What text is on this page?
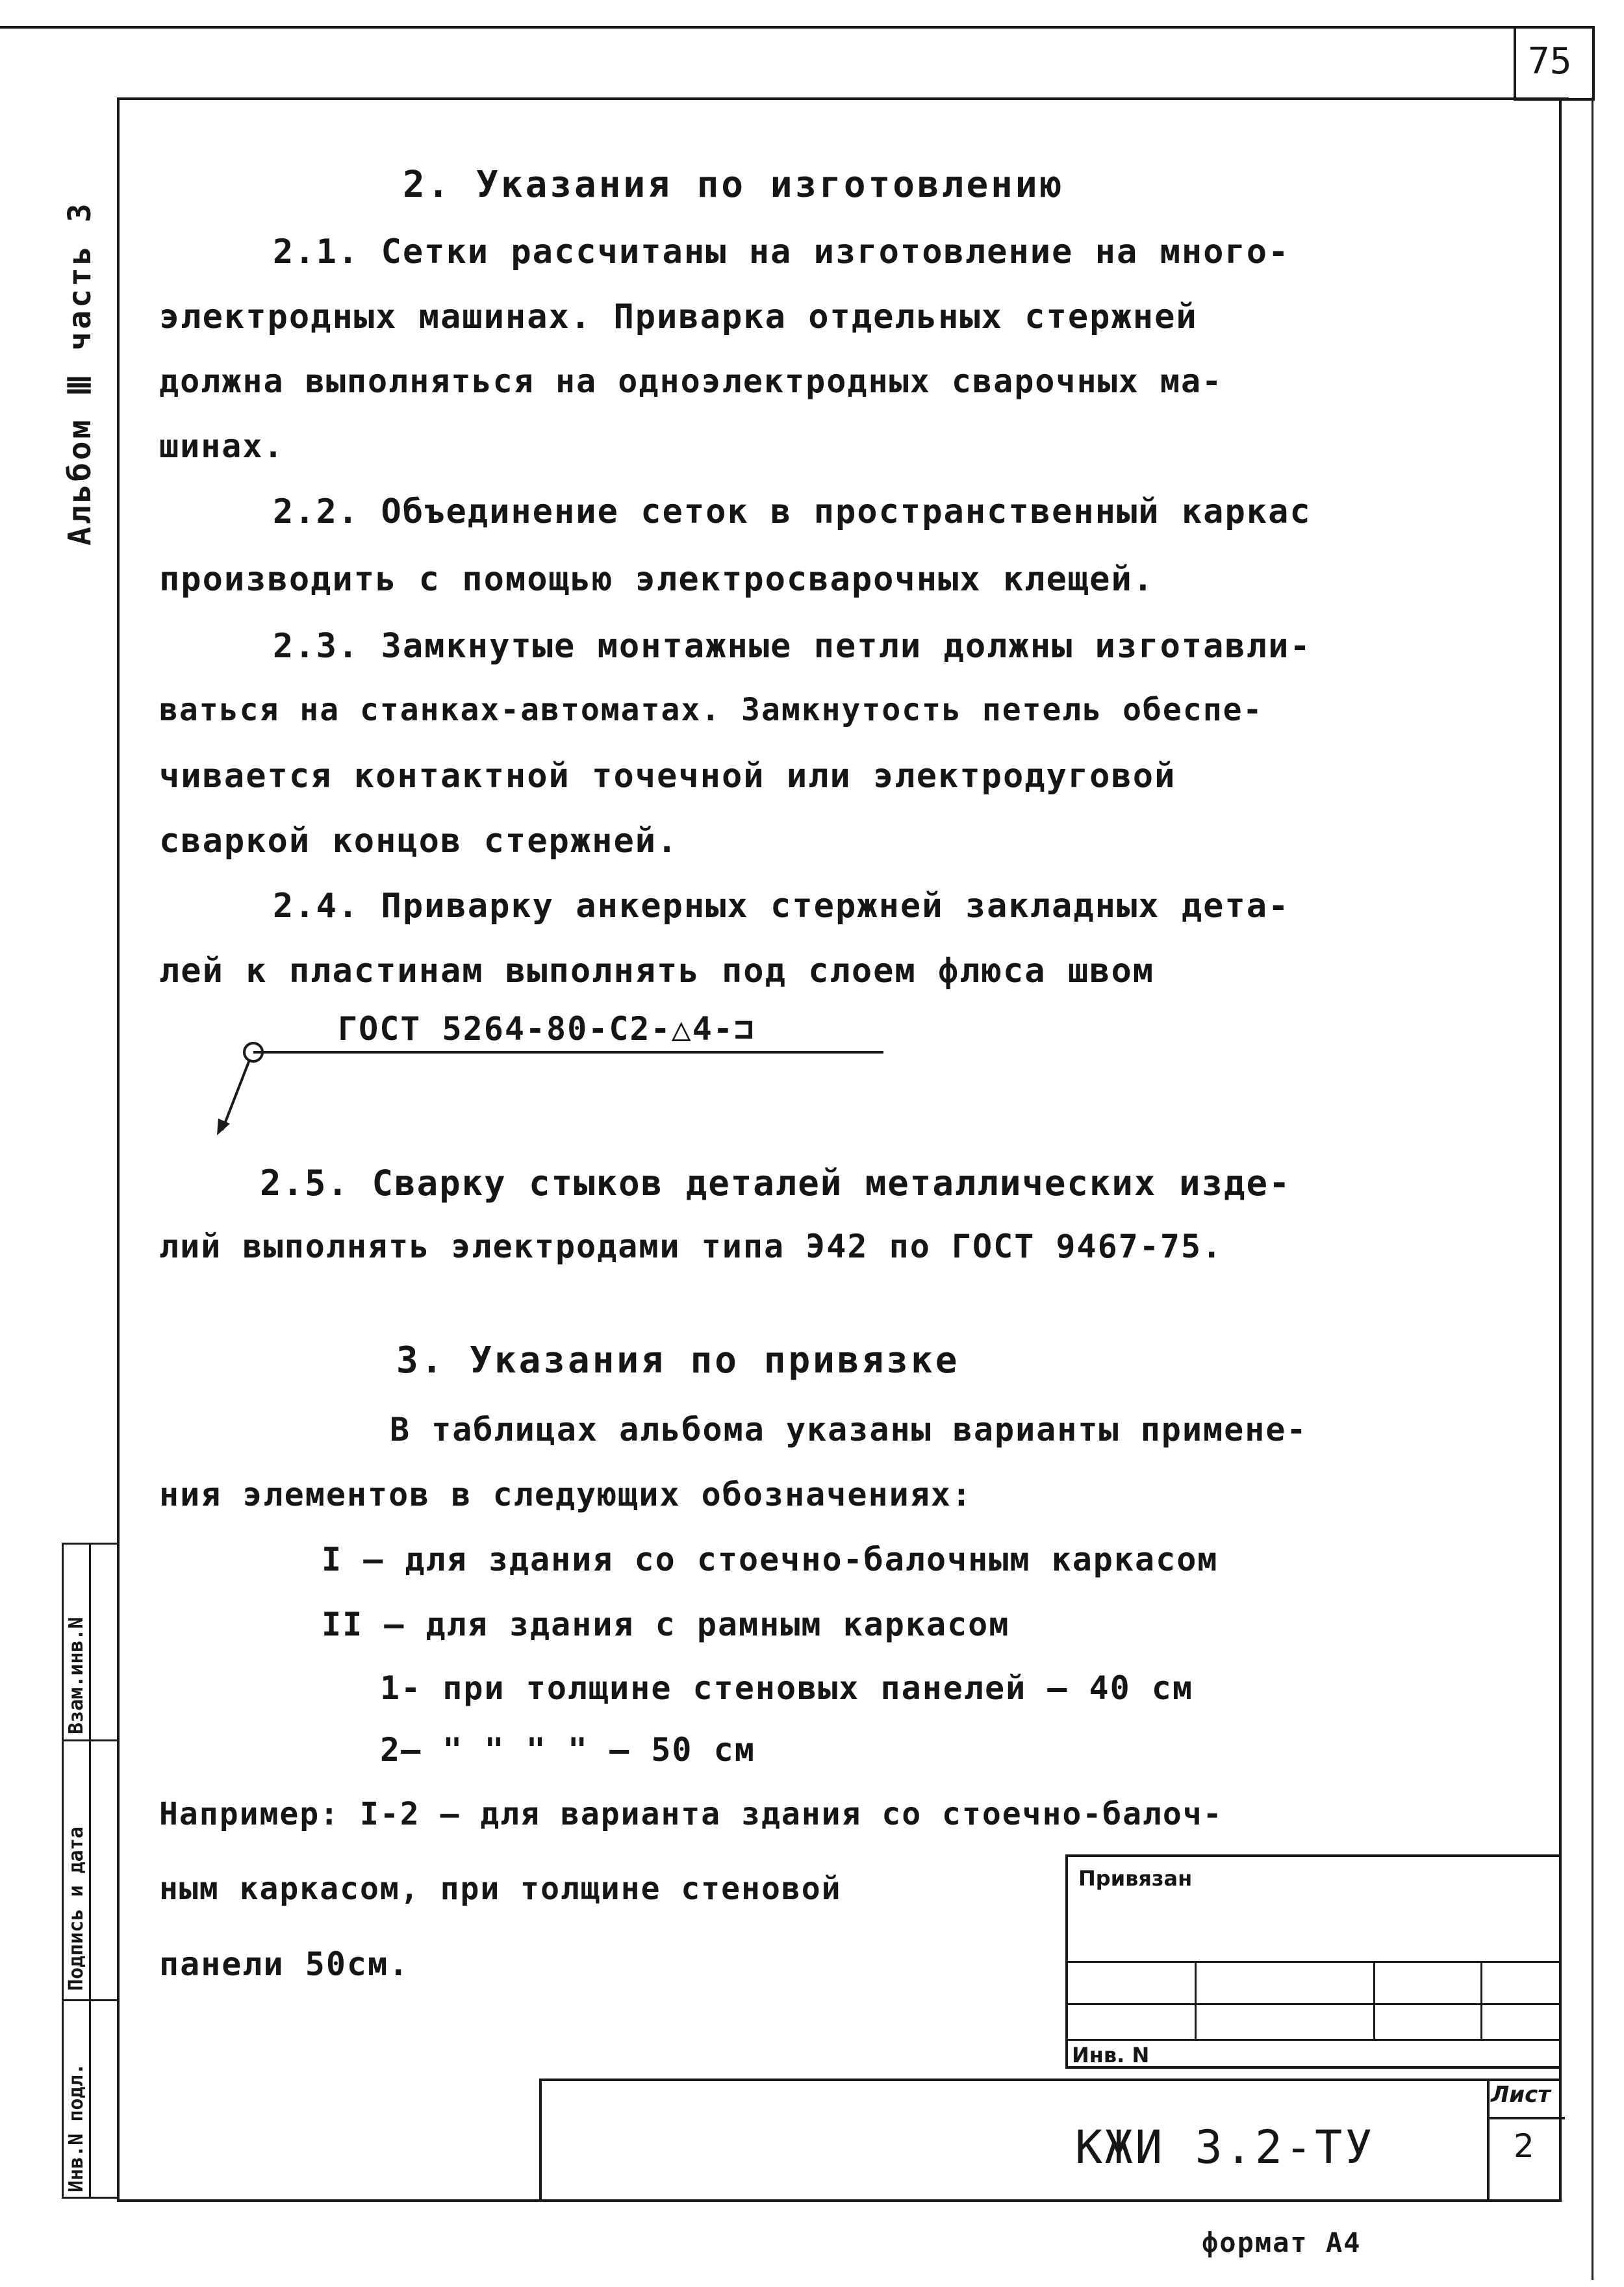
75
Альбом Ⅲ часть 3
2. Указания по изготовлению
2.1. Сетки рассчитаны на изготовление на много-
электродных машинах. Приварка отдельных стержней
должна выполняться на одноэлектродных сварочных ма-
шинах.
2.2. Объединение сеток в пространственный каркас
производить с помощью электросварочных клещей.
2.3. Замкнутые монтажные петли должны изготавли-
ваться на станках-автоматах. Замкнутость петель обеспе-
чивается контактной точечной или электродуговой
сваркой концов стержней.
2.4. Приварку анкерных стержней закладных дета-
лей к пластинам выполнять под слоем флюса швом
ГОСТ 5264-80-С2-△4-⊐
2.5. Сварку стыков деталей металлических изде-
лий выполнять электродами типа Э42 по ГОСТ 9467-75.
3. Указания по привязке
В таблицах альбома указаны варианты примене-
ния элементов в следующих обозначениях:
I — для здания со стоечно-балочным каркасом
II — для здания с рамным каркасом
1- при толщине стеновых панелей — 40 см
2— " " " " — 50 см
Например: I-2 — для варианта здания со стоечно-балоч-
ным каркасом, при толщине стеновой
панели 50см.
Взам.инв.N
Подпись и дата
Инв.N подл.
Привязан
Инв. N
Лист
2
КЖИ 3.2-ТУ
формат А4
